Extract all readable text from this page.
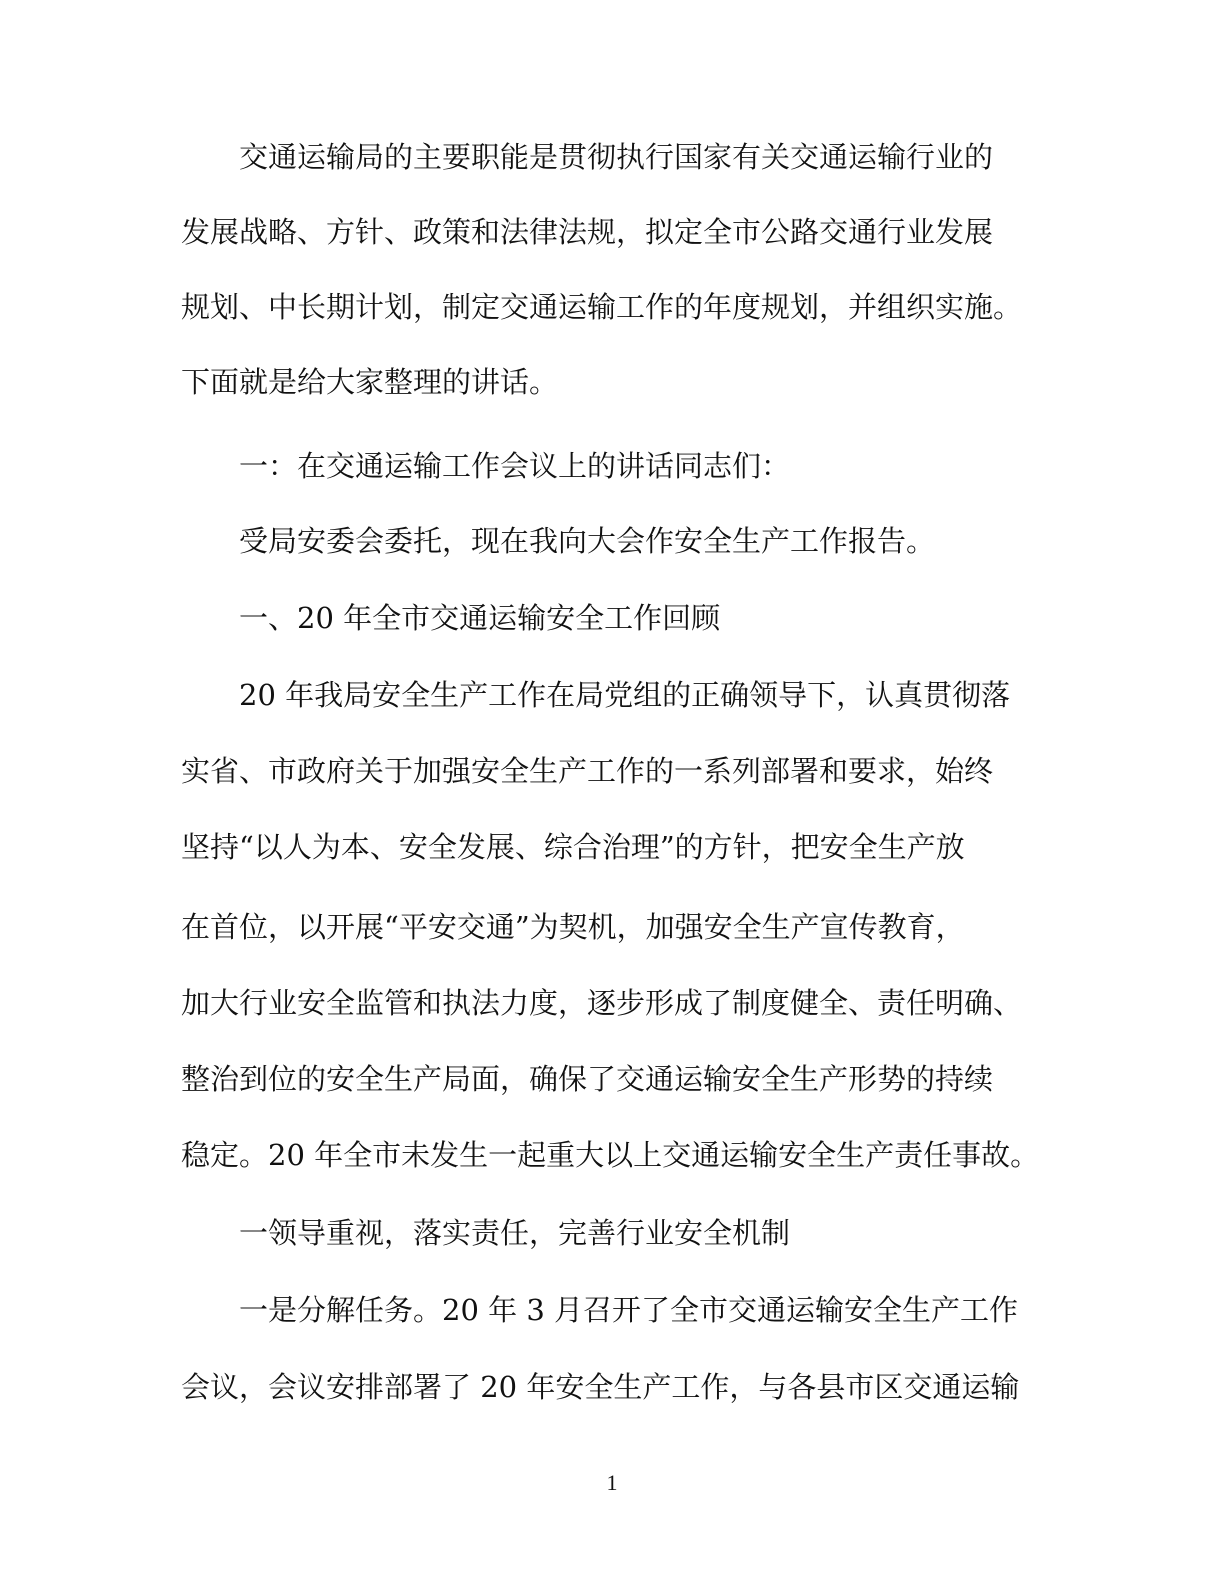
交通运输局的主要职能是贯彻执行国家有关交通运输行业的
发展战略、方针、政策和法律法规，拟定全市公路交通行业发展
规划、中长期计划，制定交通运输工作的年度规划，并组织实施。
下面就是给大家整理的讲话。
一：在交通运输工作会议上的讲话同志们：
受局安委会委托，现在我向大会作安全生产工作报告。
一、20 年全市交通运输安全工作回顾
20 年我局安全生产工作在局党组的正确领导下，认真贯彻落
实省、市政府关于加强安全生产工作的一系列部署和要求，始终
坚持“以人为本、安全发展、综合治理”的方针，把安全生产放
在首位，以开展“平安交通”为契机，加强安全生产宣传教育，
加大行业安全监管和执法力度，逐步形成了制度健全、责任明确、
整治到位的安全生产局面，确保了交通运输安全生产形势的持续
稳定。20 年全市未发生一起重大以上交通运输安全生产责任事故。
一领导重视，落实责任，完善行业安全机制
一是分解任务。20 年 3 月召开了全市交通运输安全生产工作
会议，会议安排部署了 20 年安全生产工作，与各县市区交通运输
1
